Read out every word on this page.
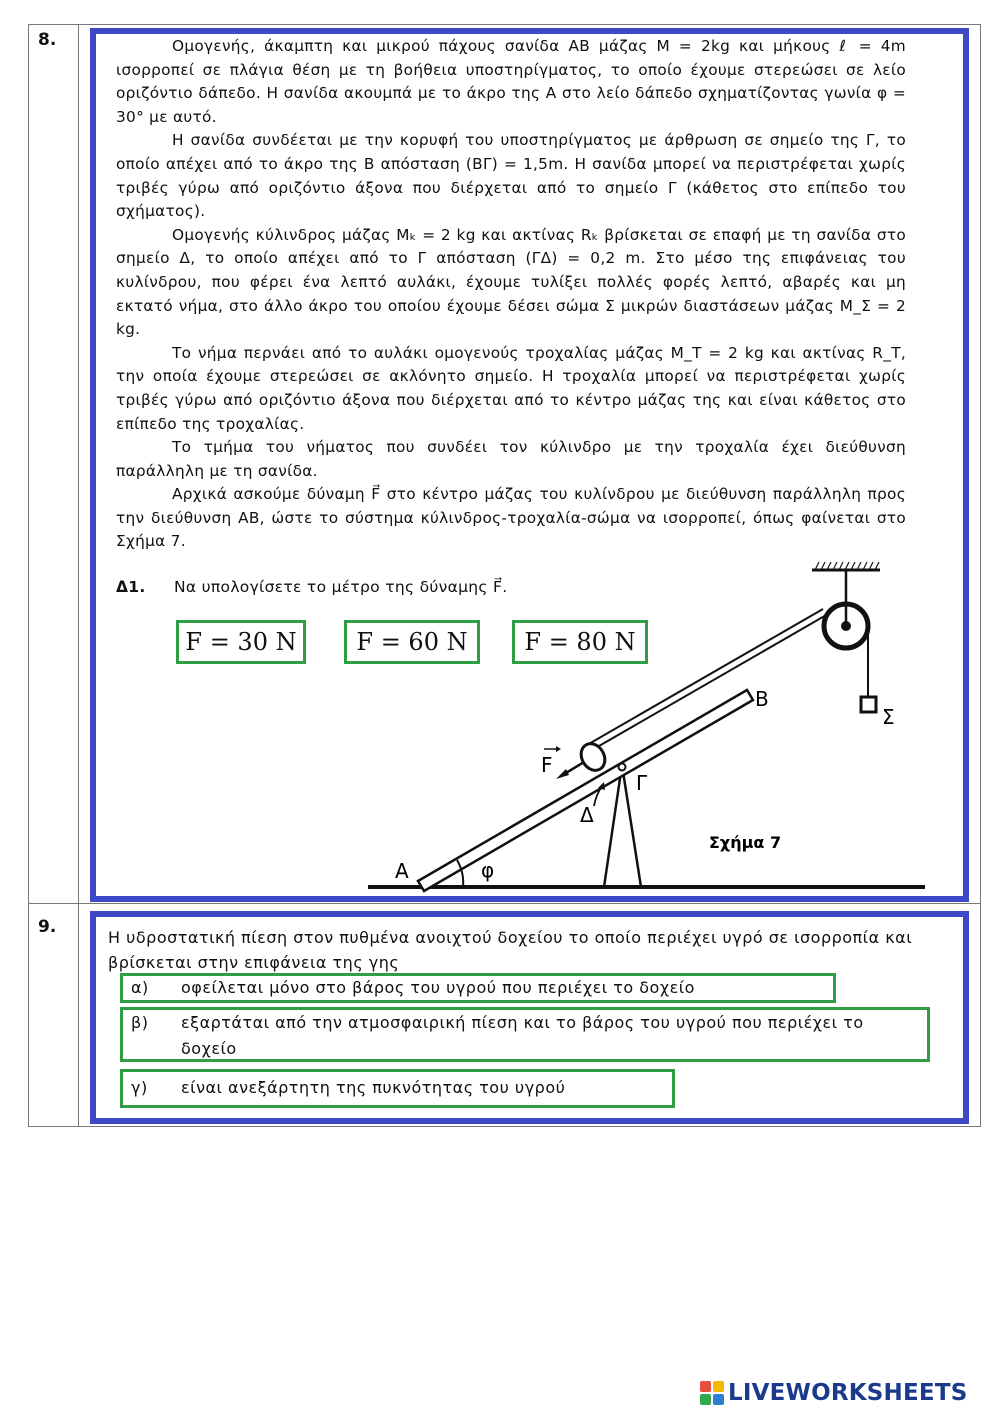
8.	Ομογενής, άκαμπτη και μικρού πάχους σανίδα ΑΒ μάζας Μ = 2kg και μήκους ℓ = 4m ισορροπεί σε πλάγια θέση με τη βοήθεια υποστηρίγματος, το οποίο έχουμε στερεώσει σε λείο οριζόντιο δάπεδο. Η σανίδα ακουμπά με το άκρο της Α στο λείο δάπεδο σχηματίζοντας γωνία φ = 30° με αυτό.

Η σανίδα συνδέεται με την κορυφή του υποστηρίγματος με άρθρωση σε σημείο της Γ, το οποίο απέχει από το άκρο της Β απόσταση (ΒΓ) = 1,5m. Η σανίδα μπορεί να περιστρέφεται χωρίς τριβές γύρω από οριζόντιο άξονα που διέρχεται από το σημείο Γ (κάθετος στο επίπεδο του σχήματος).

Ομογενής κύλινδρος μάζας Μₖ = 2 kg και ακτίνας Rₖ βρίσκεται σε επαφή με τη σανίδα στο σημείο Δ, το οποίο απέχει από το Γ απόσταση (ΓΔ) = 0,2 m. Στο μέσο της επιφάνειας του κυλίνδρου, που φέρει ένα λεπτό αυλάκι, έχουμε τυλίξει πολλές φορές λεπτό, αβαρές και μη εκτατό νήμα, στο άλλο άκρο του οποίου έχουμε δέσει σώμα Σ μικρών διαστάσεων μάζας Μ_Σ = 2 kg.

Το νήμα περνάει από το αυλάκι ομογενούς τροχαλίας μάζας Μ_Τ = 2 kg και ακτίνας R_Τ, την οποία έχουμε στερεώσει σε ακλόνητο σημείο. Η τροχαλία μπορεί να περιστρέφεται χωρίς τριβές γύρω από οριζόντιο άξονα που διέρχεται από το κέντρο μάζας της και είναι κάθετος στο επίπεδο της τροχαλίας.

Το τμήμα του νήματος που συνδέει τον κύλινδρο με την τροχαλία έχει διεύθυνση παράλληλη με τη σανίδα.

Αρχικά ασκούμε δύναμη F⃗ στο κέντρο μάζας του κυλίνδρου με διεύθυνση παράλληλη προς την διεύθυνση ΑΒ, ώστε το σύστημα κύλινδρος-τροχαλία-σώμα να ισορροπεί, όπως φαίνεται στο Σχήμα 7.

Δ1. Να υπολογίσετε το μέτρο της δύναμης F⃗.
F = 30 N	F = 60 N	F = 80 N
Α
Β
Γ
Δ
F
φ
Σ
Σχήμα 7
9.
Η υδροστατική πίεση στον πυθμένα ανοιχτού δοχείου το οποίο περιέχει υγρό σε ισορροπία και βρίσκεται στην επιφάνεια της γης
α) οφείλεται μόνο στο βάρος του υγρού που περιέχει το δοχείο
β) εξαρτάται από την ατμοσφαιρική πίεση και το βάρος του υγρού που περιέχει το δοχείο
γ) είναι ανεξάρτητη της πυκνότητας του υγρού
LIVEWORKSHEETS
